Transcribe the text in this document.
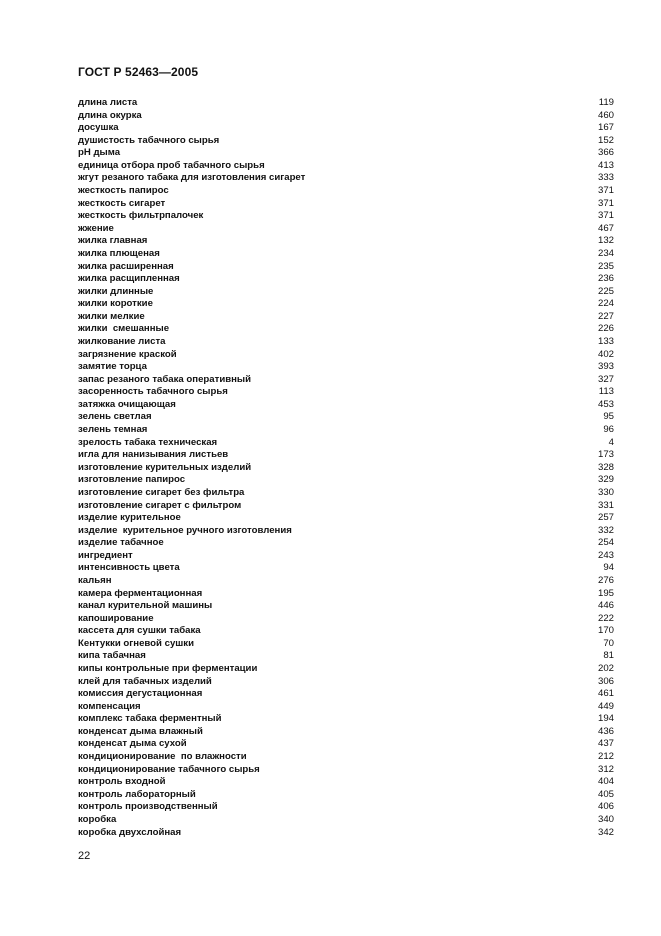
ГОСТ Р 52463—2005
длина листа	119
длина окурка	460
досушка	167
душистость табачного сырья	152
pH дыма	366
единица отбора проб табачного сырья	413
жгут резаного табака для изготовления сигарет	333
жесткость папирос	371
жесткость сигарет	371
жесткость фильтрпалочек	371
жжение	467
жилка главная	132
жилка плющеная	234
жилка расширенная	235
жилка расщипленная	236
жилки длинные	225
жилки короткие	224
жилки мелкие	227
жилки  смешанные	226
жилкование листа	133
загрязнение краской	402
замятие торца	393
запас резаного табака оперативный	327
засоренность табачного сырья	113
затяжка очищающая	453
зелень светлая	95
зелень темная	96
зрелость табака техническая	4
игла для нанизывания листьев	173
изготовление курительных изделий	328
изготовление папирос	329
изготовление сигарет без фильтра	330
изготовление сигарет с фильтром	331
изделие курительное	257
изделие  курительное ручного изготовления	332
изделие табачное	254
ингредиент	243
интенсивность цвета	94
кальян	276
камера ферментационная	195
канал курительной машины	446
капоширование	222
кассета для сушки табака	170
Кентукки огневой сушки	70
кипа табачная	81
кипы контрольные при ферментации	202
клей для табачных изделий	306
комиссия дегустационная	461
компенсация	449
комплекс табака ферментный	194
конденсат дыма влажный	436
конденсат дыма сухой	437
кондиционирование  по влажности	212
кондиционирование табачного сырья	312
контроль входной	404
контроль лабораторный	405
контроль производственный	406
коробка	340
коробка двухслойная	342
22
